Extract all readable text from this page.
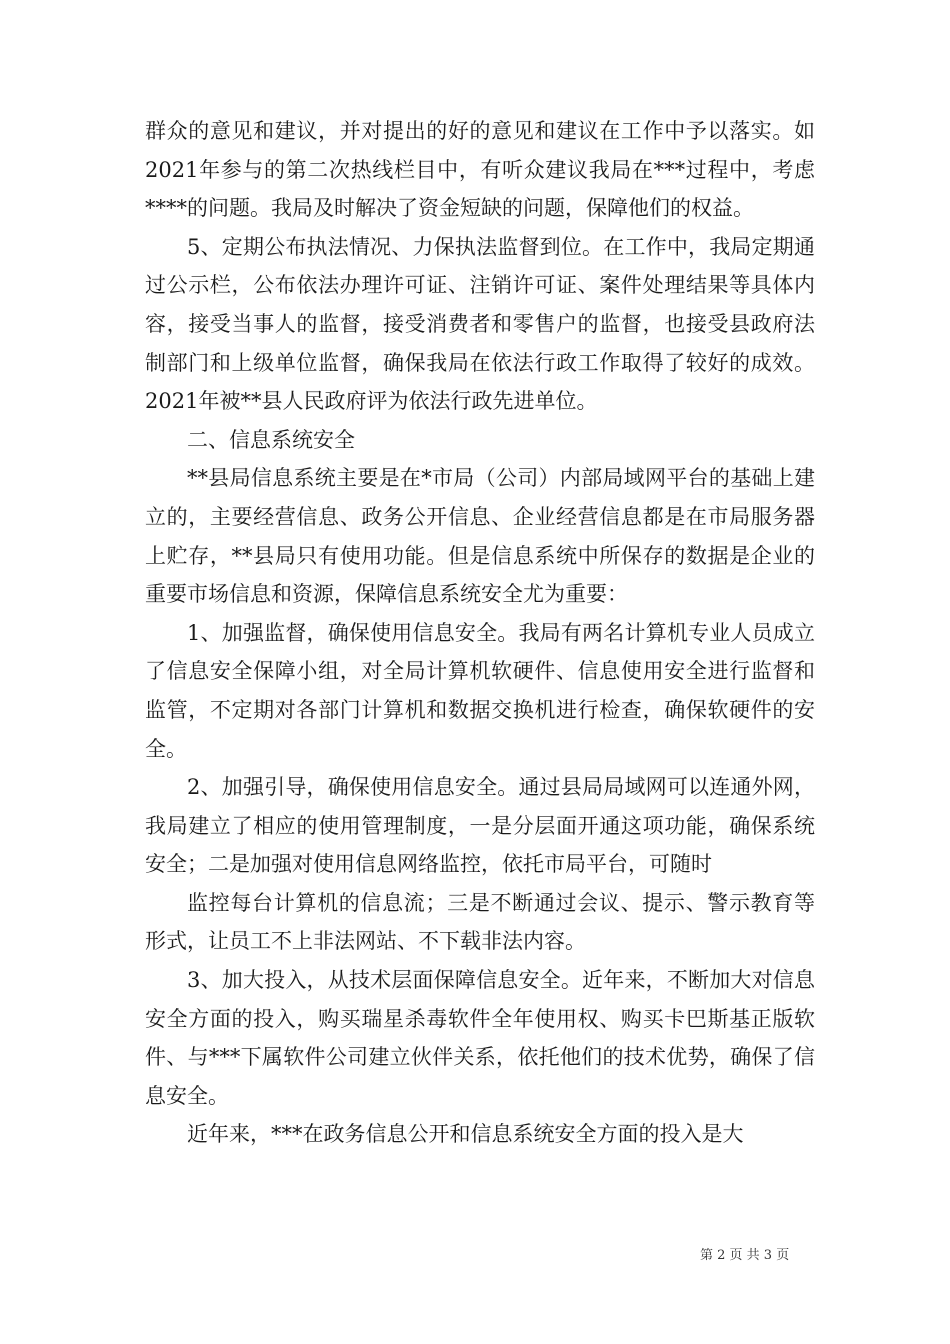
群众的意见和建议，并对提出的好的意见和建议在工作中予以落实。如2021年参与的第二次热线栏目中，有听众建议我局在***过程中，考虑****的问题。我局及时解决了资金短缺的问题，保障他们的权益。

5、定期公布执法情况、力保执法监督到位。在工作中，我局定期通过公示栏，公布依法办理许可证、注销许可证、案件处理结果等具体内容，接受当事人的监督，接受消费者和零售户的监督，也接受县政府法制部门和上级单位监督，确保我局在依法行政工作取得了较好的成效。2021年被**县人民政府评为依法行政先进单位。

二、信息系统安全

**县局信息系统主要是在*市局（公司）内部局域网平台的基础上建立的，主要经营信息、政务公开信息、企业经营信息都是在市局服务器上贮存，**县局只有使用功能。但是信息系统中所保存的数据是企业的重要市场信息和资源，保障信息系统安全尤为重要：

1、加强监督，确保使用信息安全。我局有两名计算机专业人员成立了信息安全保障小组，对全局计算机软硬件、信息使用安全进行监督和监管，不定期对各部门计算机和数据交换机进行检查，确保软硬件的安全。

2、加强引导，确保使用信息安全。通过县局局域网可以连通外网，我局建立了相应的使用管理制度，一是分层面开通这项功能，确保系统安全；二是加强对使用信息网络监控，依托市局平台，可随时

监控每台计算机的信息流；三是不断通过会议、提示、警示教育等形式，让员工不上非法网站、不下载非法内容。

3、加大投入，从技术层面保障信息安全。近年来，不断加大对信息安全方面的投入，购买瑞星杀毒软件全年使用权、购买卡巴斯基正版软件、与***下属软件公司建立伙伴关系，依托他们的技术优势，确保了信息安全。

近年来，***在政务信息公开和信息系统安全方面的投入是大

第 2 页 共 3 页
